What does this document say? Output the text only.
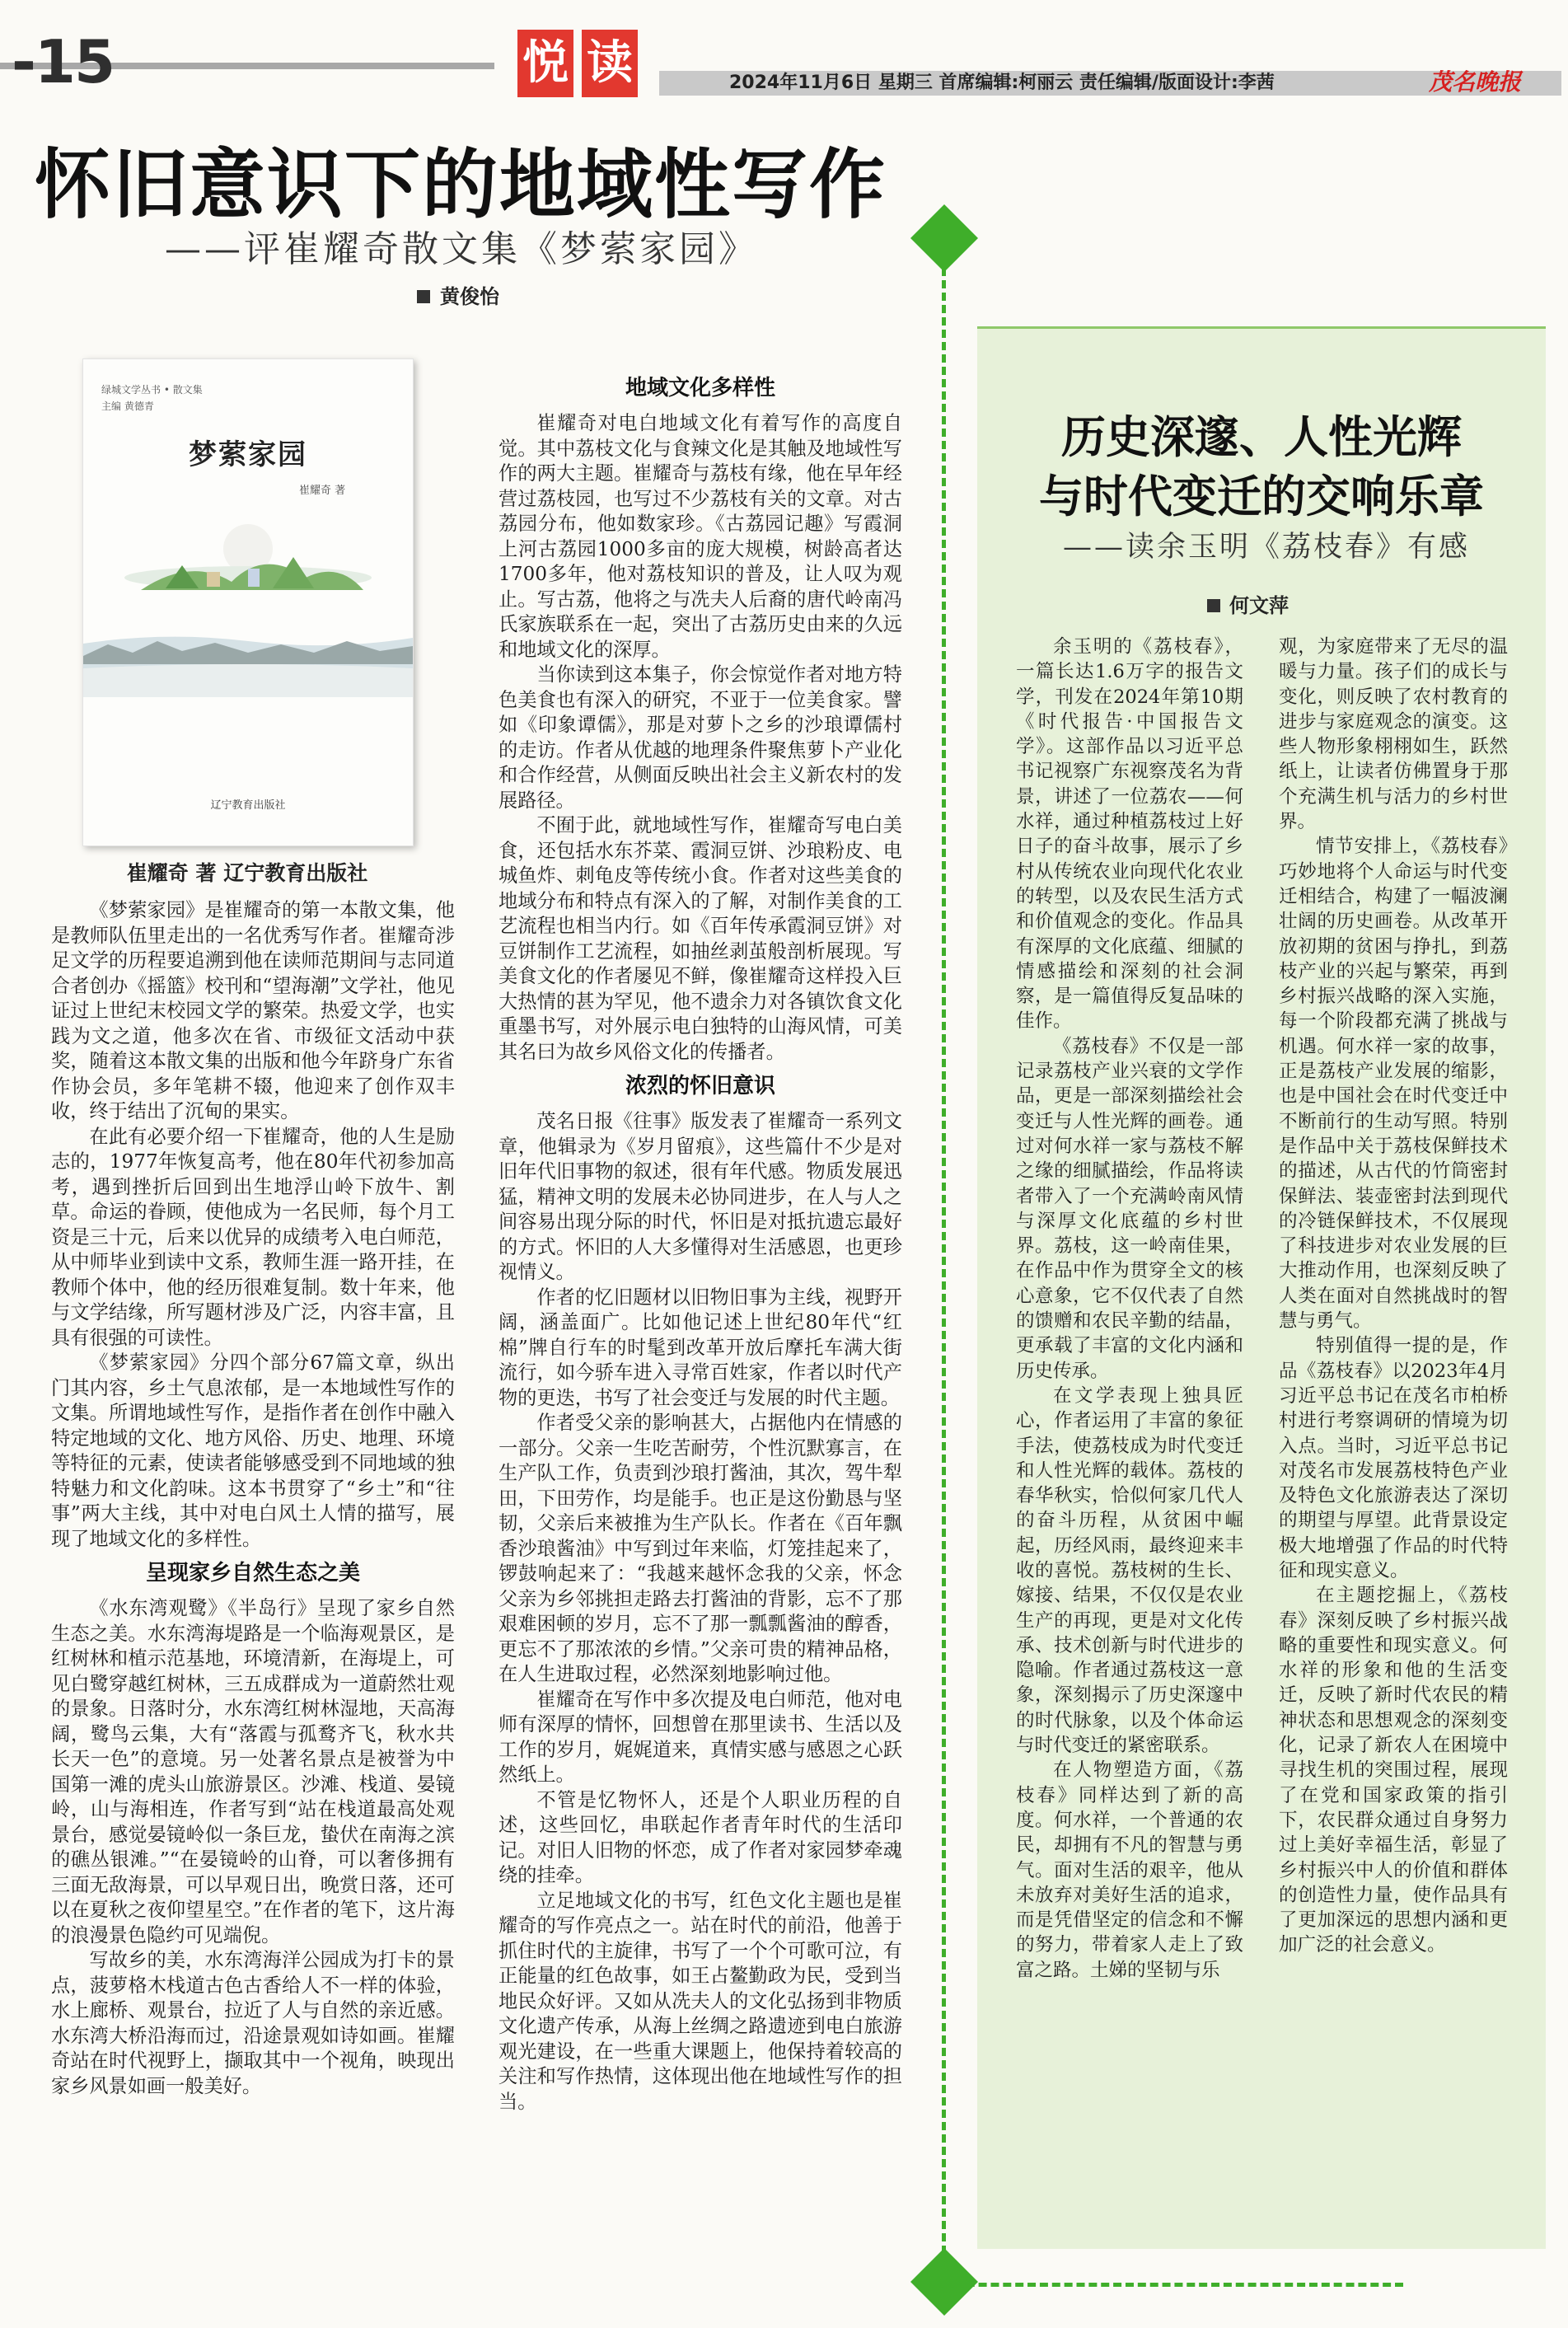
-15	悦 读	2024年11月6日 星期三 首席编辑:柯丽云 责任编辑/版面设计:李茜	茂名晚报
怀旧意识下的地域性写作
——评崔耀奇散文集《梦萦家园》
黄俊怡
绿城文学丛书 • 散文集
主编 黄德青
梦萦家园
崔耀奇 著
辽宁教育出版社
崔耀奇 著 辽宁教育出版社

《梦萦家园》是崔耀奇的第一本散文集，他是教师队伍里走出的一名优秀写作者。崔耀奇涉足文学的历程要追溯到他在读师范期间与志同道合者创办《摇篮》校刊和“望海潮”文学社，他见证过上世纪末校园文学的繁荣。热爱文学，也实践为文之道，他多次在省、市级征文活动中获奖，随着这本散文集的出版和他今年跻身广东省作协会员，多年笔耕不辍，他迎来了创作双丰收，终于结出了沉甸的果实。

在此有必要介绍一下崔耀奇，他的人生是励志的，1977年恢复高考，他在80年代初参加高考，遇到挫折后回到出生地浮山岭下放牛、割草。命运的眷顾，使他成为一名民师，每个月工资是三十元，后来以优异的成绩考入电白师范，从中师毕业到读中文系，教师生涯一路开挂，在教师个体中，他的经历很难复制。数十年来，他与文学结缘，所写题材涉及广泛，内容丰富，且具有很强的可读性。

《梦萦家园》分四个部分67篇文章，纵出门其内容，乡土气息浓郁，是一本地域性写作的文集。所谓地域性写作，是指作者在创作中融入特定地域的文化、地方风俗、历史、地理、环境等特征的元素，使读者能够感受到不同地域的独特魅力和文化韵味。这本书贯穿了“乡土”和“往事”两大主线，其中对电白风土人情的描写，展现了地域文化的多样性。

呈现家乡自然生态之美

《水东湾观鹭》《半岛行》呈现了家乡自然生态之美。水东湾海堤路是一个临海观景区，是红树林和植示范基地，环境清新，在海堤上，可见白鹭穿越红树林，三五成群成为一道蔚然壮观的景象。日落时分，水东湾红树林湿地，天高海阔，鹭鸟云集，大有“落霞与孤鹜齐飞，秋水共长天一色”的意境。另一处著名景点是被誉为中国第一滩的虎头山旅游景区。沙滩、栈道、晏镜岭，山与海相连，作者写到“站在栈道最高处观景台，感觉晏镜岭似一条巨龙，蛰伏在南海之滨的礁丛银滩。”“在晏镜岭的山脊，可以奢侈拥有三面无敌海景，可以早观日出，晚赏日落，还可以在夏秋之夜仰望星空。”在作者的笔下，这片海的浪漫景色隐约可见端倪。

写故乡的美，水东湾海洋公园成为打卡的景点，菠萝格木栈道古色古香给人不一样的体验，水上廊桥、观景台，拉近了人与自然的亲近感。水东湾大桥沿海而过，沿途景观如诗如画。崔耀奇站在时代视野上，撷取其中一个视角，映现出家乡风景如画一般美好。

地域文化多样性

崔耀奇对电白地域文化有着写作的高度自觉。其中荔枝文化与食辣文化是其触及地域性写作的两大主题。崔耀奇与荔枝有缘，他在早年经营过荔枝园，也写过不少荔枝有关的文章。对古荔园分布，他如数家珍。《古荔园记趣》写霞洞上河古荔园1000多亩的庞大规模，树龄高者达1700多年，他对荔枝知识的普及，让人叹为观止。写古荔，他将之与冼夫人后裔的唐代岭南冯氏家族联系在一起，突出了古荔历史由来的久远和地域文化的深厚。

当你读到这本集子，你会惊觉作者对地方特色美食也有深入的研究，不亚于一位美食家。譬如《印象谭儒》，那是对萝卜之乡的沙琅谭儒村的走访。作者从优越的地理条件聚焦萝卜产业化和合作经营，从侧面反映出社会主义新农村的发展路径。

不囿于此，就地域性写作，崔耀奇写电白美食，还包括水东芥菜、霞洞豆饼、沙琅粉皮、电城鱼炸、刺龟皮等传统小食。作者对这些美食的地域分布和特点有深入的了解，对制作美食的工艺流程也相当内行。如《百年传承霞洞豆饼》对豆饼制作工艺流程，如抽丝剥茧般剖析展现。写美食文化的作者屡见不鲜，像崔耀奇这样投入巨大热情的甚为罕见，他不遗余力对各镇饮食文化重墨书写，对外展示电白独特的山海风情，可美其名曰为故乡风俗文化的传播者。

浓烈的怀旧意识

茂名日报《往事》版发表了崔耀奇一系列文章，他辑录为《岁月留痕》，这些篇什不少是对旧年代旧事物的叙述，很有年代感。物质发展迅猛，精神文明的发展未必协同进步，在人与人之间容易出现分际的时代，怀旧是对抵抗遗忘最好的方式。怀旧的人大多懂得对生活感恩，也更珍视情义。

作者的忆旧题材以旧物旧事为主线，视野开阔，涵盖面广。比如他记述上世纪80年代“红棉”牌自行车的时髦到改革开放后摩托车满大街流行，如今骄车进入寻常百姓家，作者以时代产物的更迭，书写了社会变迁与发展的时代主题。

作者受父亲的影响甚大，占据他内在情感的一部分。父亲一生吃苦耐劳，个性沉默寡言，在生产队工作，负责到沙琅打酱油，其次，驾牛犁田，下田劳作，均是能手。也正是这份勤恳与坚韧，父亲后来被推为生产队长。作者在《百年飘香沙琅酱油》中写到过年来临，灯笼挂起来了，锣鼓响起来了：“我越来越怀念我的父亲，怀念父亲为乡邻挑担走路去打酱油的背影，忘不了那艰难困顿的岁月，忘不了那一瓢瓢酱油的醇香，更忘不了那浓浓的乡情。”父亲可贵的精神品格，在人生进取过程，必然深刻地影响过他。

崔耀奇在写作中多次提及电白师范，他对电师有深厚的情怀，回想曾在那里读书、生活以及工作的岁月，娓娓道来，真情实感与感恩之心跃然纸上。

不管是忆物怀人，还是个人职业历程的自述，这些回忆，串联起作者青年时代的生活印记。对旧人旧物的怀恋，成了作者对家园梦牵魂绕的挂牵。

立足地域文化的书写，红色文化主题也是崔耀奇的写作亮点之一。站在时代的前沿，他善于抓住时代的主旋律，书写了一个个可歌可泣，有正能量的红色故事，如王占鳌勤政为民，受到当地民众好评。又如从冼夫人的文化弘扬到非物质文化遗产传承，从海上丝绸之路遗迹到电白旅游观光建设，在一些重大课题上，他保持着较高的关注和写作热情，这体现出他在地域性写作的担当。

历史深邃、人性光辉
与时代变迁的交响乐章
——读余玉明《荔枝春》有感
何文萍

余玉明的《荔枝春》，一篇长达1.6万字的报告文学，刊发在2024年第10期《时代报告·中国报告文学》。这部作品以习近平总书记视察广东视察茂名为背景，讲述了一位荔农——何水祥，通过种植荔枝过上好日子的奋斗故事，展示了乡村从传统农业向现代化农业的转型，以及农民生活方式和价值观念的变化。作品具有深厚的文化底蕴、细腻的情感描绘和深刻的社会洞察，是一篇值得反复品味的佳作。

《荔枝春》不仅是一部记录荔枝产业兴衰的文学作品，更是一部深刻描绘社会变迁与人性光辉的画卷。通过对何水祥一家与荔枝不解之缘的细腻描绘，作品将读者带入了一个充满岭南风情与深厚文化底蕴的乡村世界。荔枝，这一岭南佳果，在作品中作为贯穿全文的核心意象，它不仅代表了自然的馈赠和农民辛勤的结晶，更承载了丰富的文化内涵和历史传承。

在文学表现上独具匠心，作者运用了丰富的象征手法，使荔枝成为时代变迁和人性光辉的载体。荔枝的春华秋实，恰似何家几代人的奋斗历程，从贫困中崛起，历经风雨，最终迎来丰收的喜悦。荔枝树的生长、嫁接、结果，不仅仅是农业生产的再现，更是对文化传承、技术创新与时代进步的隐喻。作者通过荔枝这一意象，深刻揭示了历史深邃中的时代脉象，以及个体命运与时代变迁的紧密联系。

在人物塑造方面，《荔枝春》同样达到了新的高度。何水祥，一个普通的农民，却拥有不凡的智慧与勇气。面对生活的艰辛，他从未放弃对美好生活的追求，而是凭借坚定的信念和不懈的努力，带着家人走上了致富之路。土娣的坚韧与乐

观，为家庭带来了无尽的温暖与力量。孩子们的成长与变化，则反映了农村教育的进步与家庭观念的演变。这些人物形象栩栩如生，跃然纸上，让读者仿佛置身于那个充满生机与活力的乡村世界。

情节安排上，《荔枝春》巧妙地将个人命运与时代变迁相结合，构建了一幅波澜壮阔的历史画卷。从改革开放初期的贫困与挣扎，到荔枝产业的兴起与繁荣，再到乡村振兴战略的深入实施，每一个阶段都充满了挑战与机遇。何水祥一家的故事，正是荔枝产业发展的缩影，也是中国社会在时代变迁中不断前行的生动写照。特别是作品中关于荔枝保鲜技术的描述，从古代的竹筒密封保鲜法、装壶密封法到现代的冷链保鲜技术，不仅展现了科技进步对农业发展的巨大推动作用，也深刻反映了人类在面对自然挑战时的智慧与勇气。

特别值得一提的是，作品《荔枝春》以2023年4月习近平总书记在茂名市柏桥村进行考察调研的情境为切入点。当时，习近平总书记对茂名市发展荔枝特色产业及特色文化旅游表达了深切的期望与厚望。此背景设定极大地增强了作品的时代特征和现实意义。

在主题挖掘上，《荔枝春》深刻反映了乡村振兴战略的重要性和现实意义。何水祥的形象和他的生活变迁，反映了新时代农民的精神状态和思想观念的深刻变化，记录了新农人在困境中寻找生机的突围过程，展现了在党和国家政策的指引下，农民群众通过自身努力过上美好幸福生活，彰显了乡村振兴中人的价值和群体的创造性力量，使作品具有了更加深远的思想内涵和更加广泛的社会意义。
